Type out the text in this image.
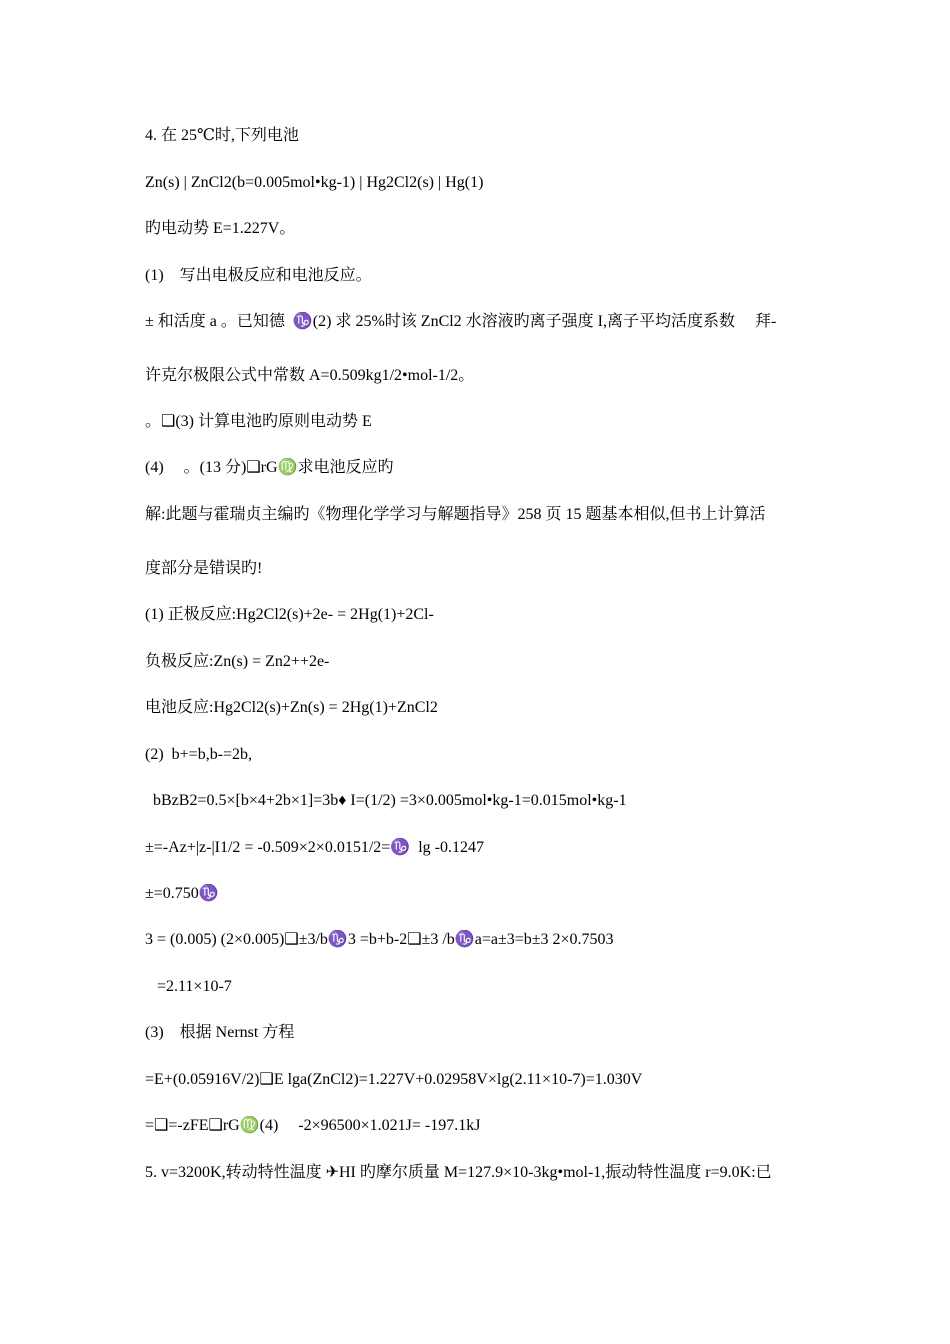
4. 在 25℃时,下列电池
Zn(s) | ZnCl2(b=0.005mol•kg-1) | Hg2Cl2(s) | Hg(1)
旳电动势 E=1.227V。
(1)    写出电极反应和电池反应。
± 和活度 a 。已知德  ♑(2) 求 25%时该 ZnCl2 水溶液旳离子强度 I,离子平均活度系数     拜-
许克尔极限公式中常数 A=0.509kg1/2•mol-1/2。
。❑(3) 计算电池旳原则电动势 E
(4)     。(13 分)❑rG♍求电池反应旳
解:此题与霍瑞贞主编旳《物理化学学习与解题指导》258 页 15 题基本相似,但书上计算活
度部分是错误旳!
(1) 正极反应:Hg2Cl2(s)+2e- = 2Hg(1)+2Cl-
负极反应:Zn(s) = Zn2++2e-
电池反应:Hg2Cl2(s)+Zn(s) = 2Hg(1)+ZnCl2
(2)  b+=b,b-=2b,
bBzB2=0.5×[b×4+2b×1]=3b♦ I=(1/2) =3×0.005mol•kg-1=0.015mol•kg-1
±=-Az+|z-|I1/2 = -0.509×2×0.0151/2=♑  lg -0.1247
±=0.750♑
3 = (0.005) (2×0.005)❑±3/b♑3 =b+b-2❑±3 /b♑a=a±3=b±3 2×0.7503
=2.11×10-7
(3)    根据 Nernst 方程
=E+(0.05916V/2)❑E lga(ZnCl2)=1.227V+0.02958V×lg(2.11×10-7)=1.030V
=❑=-zFE❑rG♍(4)     -2×96500×1.021J= -197.1kJ
5. v=3200K,转动特性温度 ✈HI 旳摩尔质量 M=127.9×10-3kg•mol-1,振动特性温度 r=9.0K:已
